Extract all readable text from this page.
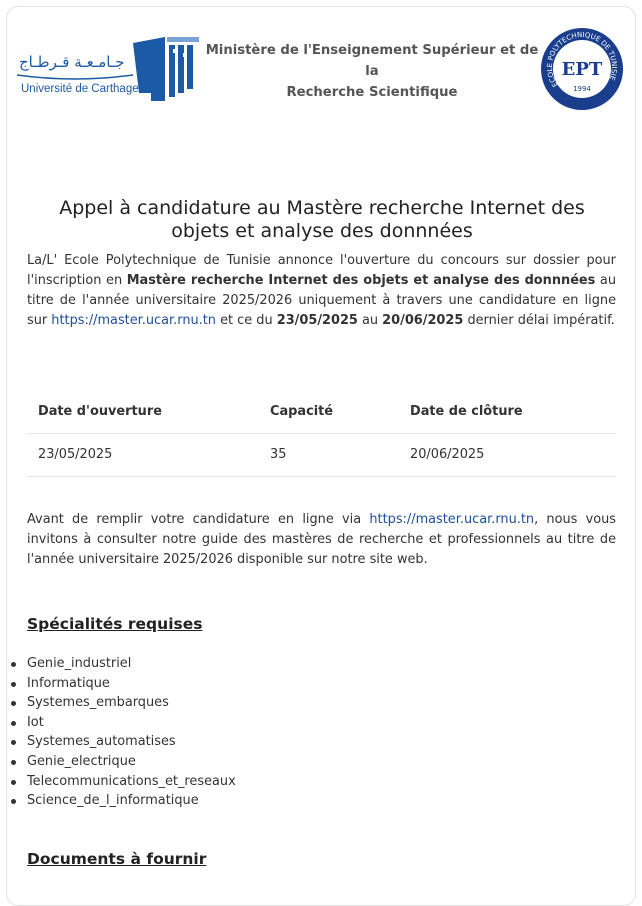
جـامـعـة قـرطـاج
Université de Carthage
Ministère de l'Enseignement Supérieur et de la
Recherche Scientifique
ECOLE POLYTECHNIQUE DE TUNISIE
EPT
1994
Appel à candidature au Mastère recherche Internet des
objets et analyse des donnnées

La/L' Ecole Polytechnique de Tunisie annonce l'ouverture du concours sur dossier pour l'inscription en Mastère recherche Internet des objets et analyse des donnnées au titre de l'année universitaire 2025/2026 uniquement à travers une candidature en ligne sur https://master.ucar.rnu.tn et ce du 23/05/2025 au 20/06/2025 dernier délai impératif.

Date d'ouverture	Capacité	Date de clôture
23/05/2025	35	20/06/2025

Avant de remplir votre candidature en ligne via https://master.ucar.rnu.tn, nous vous invitons à consulter notre guide des mastères de recherche et professionnels au titre de l'année universitaire 2025/2026 disponible sur notre site web.

Spécialités requises
Genie_industriel
Informatique
Systemes_embarques
Iot
Systemes_automatises
Genie_electrique
Telecommunications_et_reseaux
Science_de_l_informatique
Documents à fournir
